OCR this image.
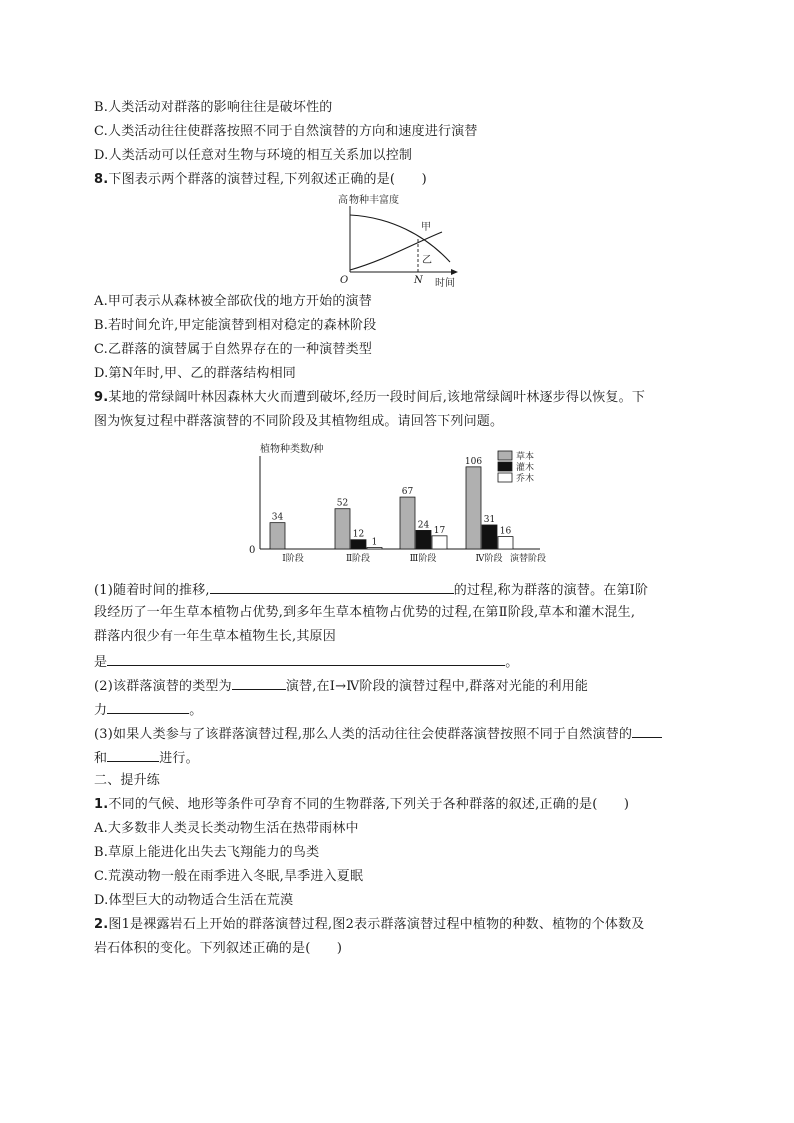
B.人类活动对群落的影响往往是破坏性的
C.人类活动往往使群落按照不同于自然演替的方向和速度进行演替
D.人类活动可以任意对生物与环境的相互关系加以控制
8.下图表示两个群落的演替过程,下列叙述正确的是(　　)
高 物种丰富度
甲
乙
O	N 时间
A.甲可表示从森林被全部砍伐的地方开始的演替
B.若时间允许,甲定能演替到相对稳定的森林阶段
C.乙群落的演替属于自然界存在的一种演替类型
D.第N年时,甲、乙的群落结构相同
9.某地的常绿阔叶林因森林大火而遭到破坏,经历一段时间后,该地常绿阔叶林逐步得以恢复。下
图为恢复过程中群落演替的不同阶段及其植物组成。请回答下列问题。
植物种类数/种
0
演替阶段
34
Ⅰ阶段
52
12
1
Ⅱ阶段
67
24
17
Ⅲ阶段
106
31
16
Ⅳ阶段
草本
灌木
乔木
(1)随着时间的推移,	的过程,称为群落的演替。在第Ⅰ阶
段经历了一年生草本植物占优势,到多年生草本植物占优势的过程,在第Ⅱ阶段,草本和灌木混生,
群落内很少有一年生草本植物生长,其原因
是	。
(2)该群落演替的类型为	演替,在Ⅰ→Ⅳ阶段的演替过程中,群落对光能的利用能
力	。
(3)如果人类参与了该群落演替过程,那么人类的活动往往会使群落演替按照不同于自然演替的
和	进行。
二、提升练
1.不同的气候、地形等条件可孕育不同的生物群落,下列关于各种群落的叙述,正确的是(　　)
A.大多数非人类灵长类动物生活在热带雨林中
B.草原上能进化出失去飞翔能力的鸟类
C.荒漠动物一般在雨季进入冬眠,旱季进入夏眠
D.体型巨大的动物适合生活在荒漠
2.图1是裸露岩石上开始的群落演替过程,图2表示群落演替过程中植物的种数、植物的个体数及
岩石体积的变化。下列叙述正确的是(　　)
